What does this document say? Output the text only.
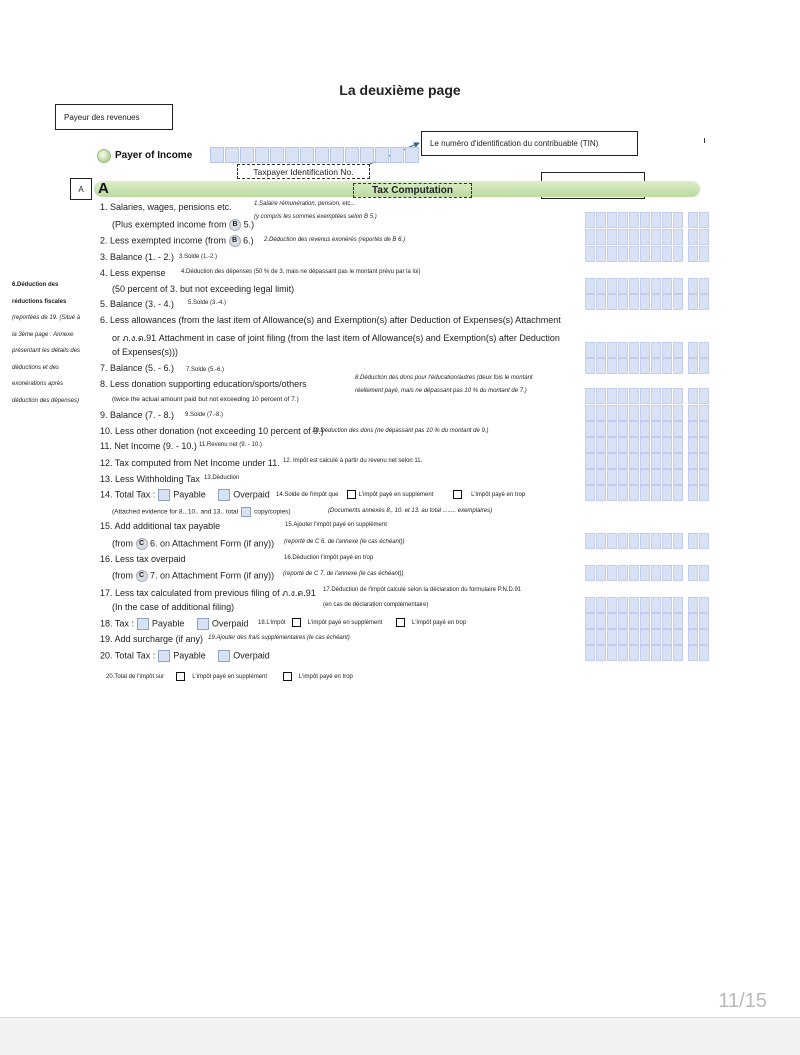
La deuxième page
Payeur des revenues
Le numéro d'identification du contribuable (TIN)
A
Payer of Income
Taxpayer Identification No.
A	Tax Computation
6.Déduction des
réductions fiscales
(reportées de 19. (Situé à
la 3ème page : Annexe
présentant les détails des
déductions et des
exonérations après
déduction des dépenses)
1. Salaries, wages, pensions etc.	1.Salaire rémunération, pension, etc...
(Plus exempted income from B 5.)
(y compris les sommes exemptées selon B 5.)
2. Less exempted income (from B 6.) 2.Déduction des revenus exonérés (reportés de B 6.)
3. Balance (1. - 2.) 3.Solde (1.-2.)
4. Less expense	4.Déduction des dépenses (50 % de 3, mais ne dépassant pas le montant prévu par la loi)
(50 percent of 3. but not exceeding legal limit)
5. Balance (3. - 4.) 5.Solde (3.-4.)
6. Less allowances (from the last item of Allowance(s) and Exemption(s) after Deduction of Expenses(s) Attachment
or ภ.ง.ด.91 Attachment in case of joint filing (from the last item of Allowance(s) and Exemption(s) after Deduction
of Expenses(s)))
7. Balance (5. - 6.) 7.Solde (5.-6.)
8. Less donation supporting education/sports/others
(twice the actual amount paid but not exceeding 10 percent of 7.)
8.Déduction des dons pour l'éducation/autres (deux fois le montant
réellement payé, mais ne dépassant pas 10 % du montant de 7.)
9. Balance (7. - 8.) 9.Solde (7.-8.)
10. Less other donation (not exceeding 10 percent of 9.)
10.Déduction des dons (ne dépassant pas 10 % du montant de 9.)
11. Net Income (9. - 10.) 11.Revenu net (9. - 10.)
12. Tax computed from Net Income under 11. 12. Impôt est calculé à partir du revenu net selon 11.
13. Less Withholding Tax 13.Déduction
14. Total Tax : Payable	Overpaid 14.Solde de l'impôt que	L'impôt payé en supplément	L'impôt payé en trop
(Attached evidence for 8., 10.. and 13.. total copy/copies)	(Documents annexés 8., 10. et 13. au total ........ exemplaires)
15. Add additional tax payable	15.Ajouter l'impôt payé en supplément
(from C 6. on Attachment Form (if any)) (reporté de C 6. de l'annexe (le cas échéant))
16. Less tax overpaid	16.Déduction l'impôt payé en trop
(from C 7. on Attachment Form (if any)) (reporté de C 7. de l'annexe (le cas échéant))
17. Less tax calculated from previous filing of ภ.ง.ด.91 17.Déduction de l'impôt calculé selon la déclaration du formulaire P.N.D.91
(In the case of additional filing)	(en cas de déclaration complémentaire)
18. Tax : Payable	Overpaid 18.L'impôt	L'impôt payé en supplément	L'impôt payé en trop
19. Add surcharge (if any) 19.Ajouter des frais supplémentaires (le cas échéant)
20. Total Tax : Payable	Overpaid
20.Total de l'impôt sur	L'impôt payé en supplément	L'impôt payé en trop
11/15
